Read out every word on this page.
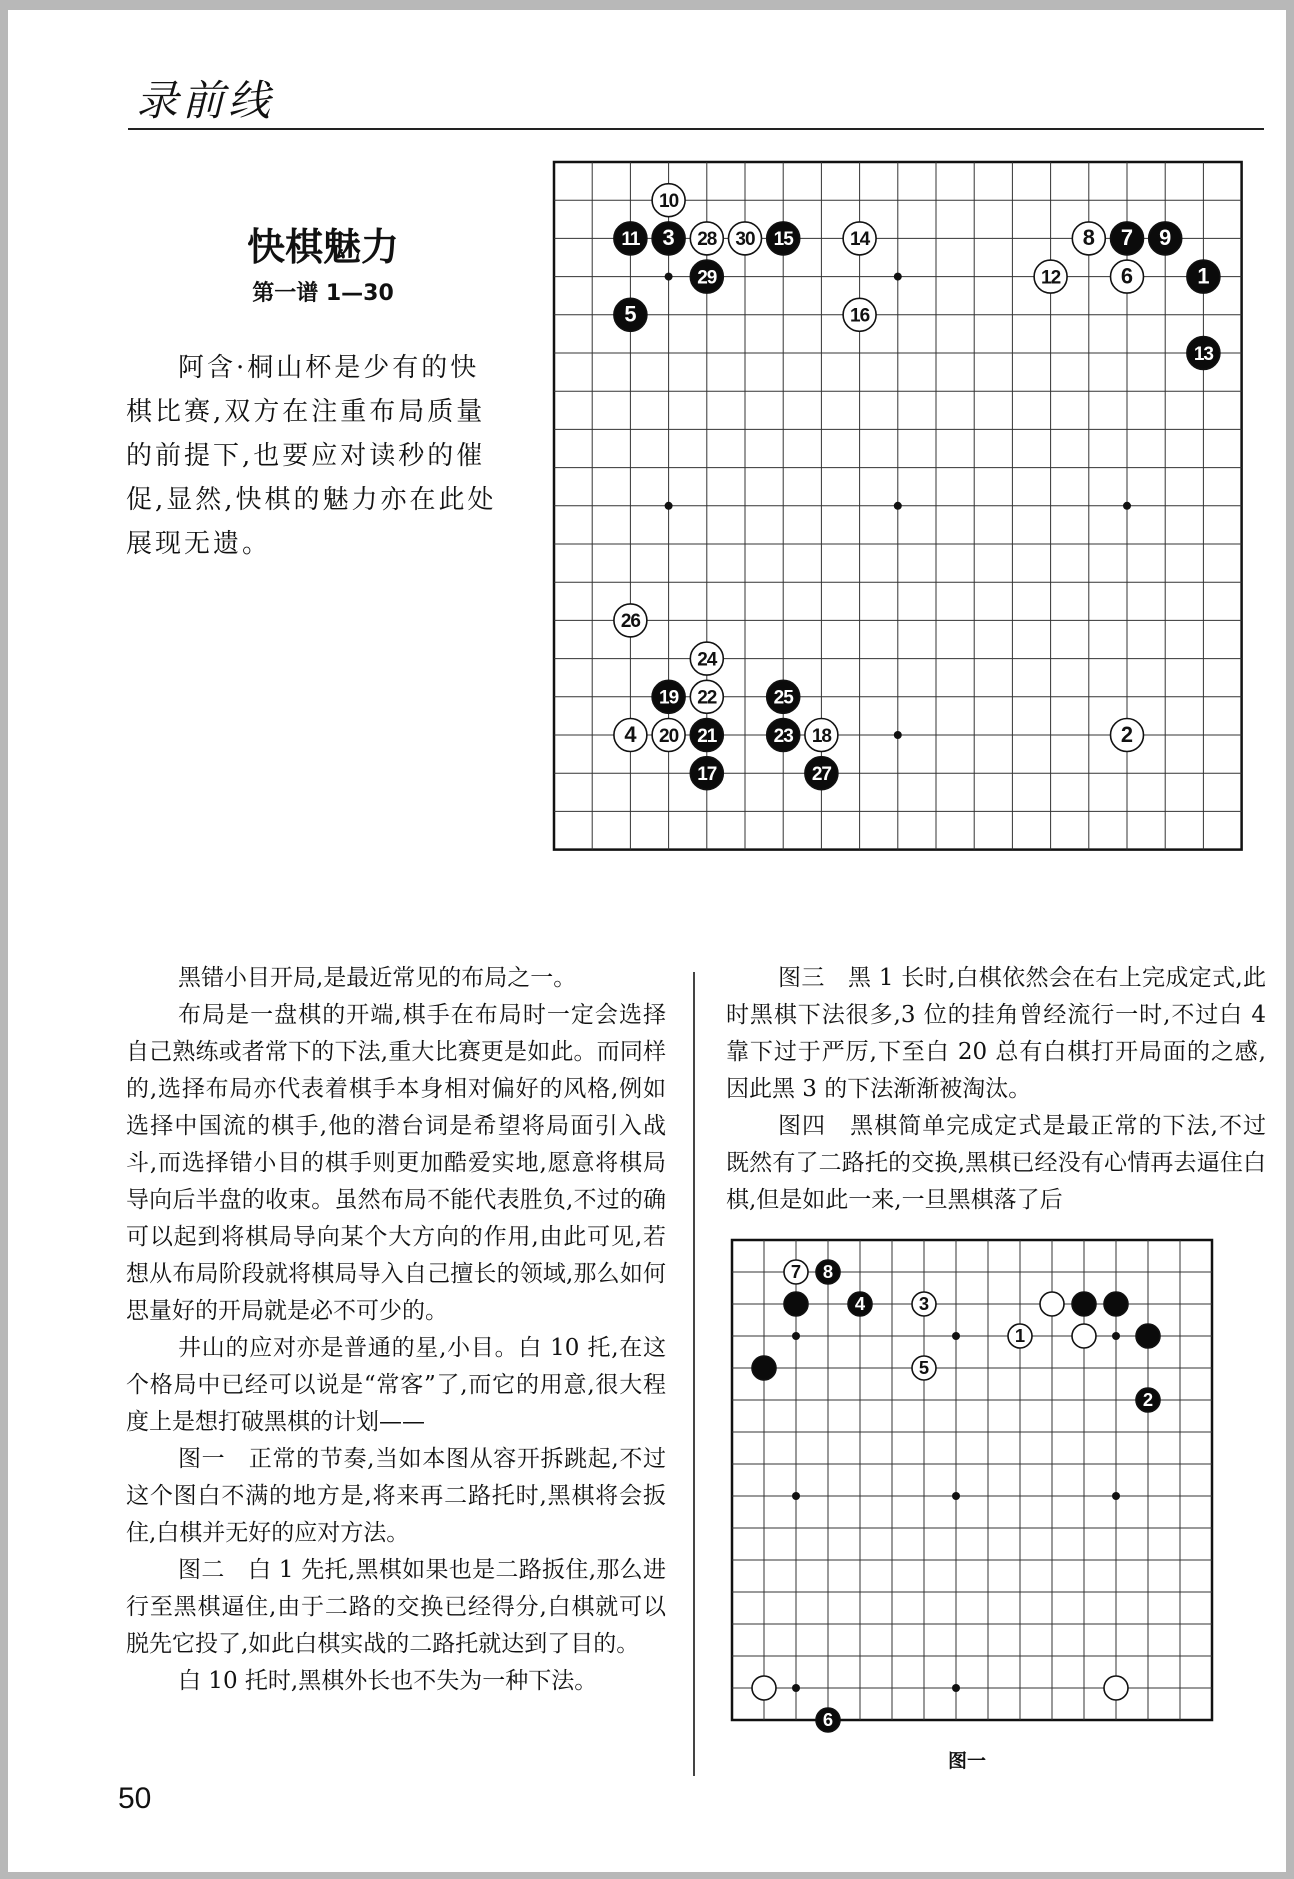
录前线
快棋魅力
第一谱 1—30
阿含·桐山杯是少有的快棋比赛,双方在注重布局质量的前提下,也要应对读秒的催促,显然,快棋的魅力亦在此处展现无遗。

黑错小目开局,是最近常见的布局之一。

布局是一盘棋的开端,棋手在布局时一定会选择自己熟练或者常下的下法,重大比赛更是如此。而同样的,选择布局亦代表着棋手本身相对偏好的风格,例如选择中国流的棋手,他的潜台词是希望将局面引入战斗,而选择错小目的棋手则更加酷爱实地,愿意将棋局导向后半盘的收束。虽然布局不能代表胜负,不过的确可以起到将棋局导向某个大方向的作用,由此可见,若想从布局阶段就将棋局导入自己擅长的领域,那么如何思量好的开局就是必不可少的。

井山的应对亦是普通的星,小目。白 10 托,在这个格局中已经可以说是“常客”了,而它的用意,很大程度上是想打破黑棋的计划——

图一　正常的节奏,当如本图从容开拆跳起,不过这个图白不满的地方是,将来再二路托时,黑棋将会扳住,白棋并无好的应对方法。

图二　白 1 先托,黑棋如果也是二路扳住,那么进行至黑棋逼住,由于二路的交换已经得分,白棋就可以脱先它投了,如此白棋实战的二路托就达到了目的。

白 10 托时,黑棋外长也不失为一种下法。

图三　黑 1 长时,白棋依然会在右上完成定式,此时黑棋下法很多,3 位的挂角曾经流行一时,不过白 4 靠下过于严厉,下至白 20 总有白棋打开局面的之感,因此黑 3 的下法渐渐被淘汰。

图四　黑棋简单完成定式是最正常的下法,不过既然有了二路托的交换,黑棋已经没有心情再去逼住白棋,但是如此一来,一旦黑棋落了后

50
图一
10
11 3 28 30 15	14	8 7 9
29	12	6	1
5	16
13
26
24
19 22	25
4 20 21	23 18	2
17	27
7 8
4	3
1
5
2
6
